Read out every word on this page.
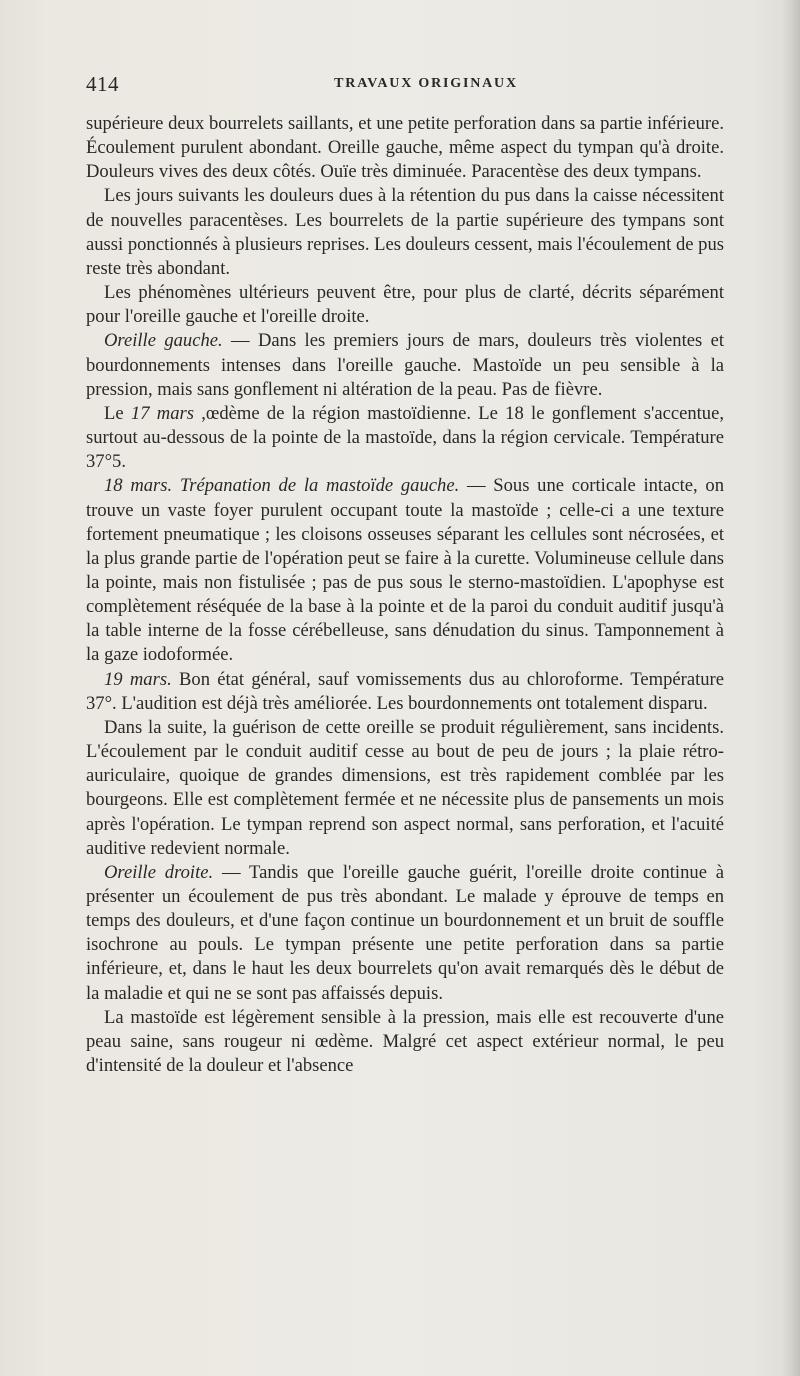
414	TRAVAUX ORIGINAUX

supérieure deux bourrelets saillants, et une petite perforation dans sa partie inférieure. Écoulement purulent abondant. Oreille gauche, même aspect du tympan qu'à droite. Douleurs vives des deux côtés. Ouïe très diminuée. Paracentèse des deux tympans.

Les jours suivants les douleurs dues à la rétention du pus dans la caisse nécessitent de nouvelles paracentèses. Les bourrelets de la partie supérieure des tympans sont aussi ponctionnés à plusieurs reprises. Les douleurs cessent, mais l'écoulement de pus reste très abondant.

Les phénomènes ultérieurs peuvent être, pour plus de clarté, décrits séparément pour l'oreille gauche et l'oreille droite.

Oreille gauche. — Dans les premiers jours de mars, douleurs très violentes et bourdonnements intenses dans l'oreille gauche. Mastoïde un peu sensible à la pression, mais sans gonflement ni altération de la peau. Pas de fièvre.

Le 17 mars ,œdème de la région mastoïdienne. Le 18 le gonflement s'accentue, surtout au-dessous de la pointe de la mastoïde, dans la région cervicale. Température 37°5.

18 mars. Trépanation de la mastoïde gauche. — Sous une corticale intacte, on trouve un vaste foyer purulent occupant toute la mastoïde ; celle-ci a une texture fortement pneumatique ; les cloisons osseuses séparant les cellules sont nécrosées, et la plus grande partie de l'opération peut se faire à la curette. Volumineuse cellule dans la pointe, mais non fistulisée ; pas de pus sous le sterno-mastoïdien. L'apophyse est complètement réséquée de la base à la pointe et de la paroi du conduit auditif jusqu'à la table interne de la fosse cérébelleuse, sans dénudation du sinus. Tamponnement à la gaze iodoformée.

19 mars. Bon état général, sauf vomissements dus au chloroforme. Température 37°. L'audition est déjà très améliorée. Les bourdonnements ont totalement disparu.

Dans la suite, la guérison de cette oreille se produit régulièrement, sans incidents. L'écoulement par le conduit auditif cesse au bout de peu de jours ; la plaie rétro-auriculaire, quoique de grandes dimensions, est très rapidement comblée par les bourgeons. Elle est complètement fermée et ne nécessite plus de pansements un mois après l'opération. Le tympan reprend son aspect normal, sans perforation, et l'acuité auditive redevient normale.

Oreille droite. — Tandis que l'oreille gauche guérit, l'oreille droite continue à présenter un écoulement de pus très abondant. Le malade y éprouve de temps en temps des douleurs, et d'une façon continue un bourdonnement et un bruit de souffle isochrone au pouls. Le tympan présente une petite perforation dans sa partie inférieure, et, dans le haut les deux bourrelets qu'on avait remarqués dès le début de la maladie et qui ne se sont pas affaissés depuis.

La mastoïde est légèrement sensible à la pression, mais elle est recouverte d'une peau saine, sans rougeur ni œdème. Malgré cet aspect extérieur normal, le peu d'intensité de la douleur et l'absence
